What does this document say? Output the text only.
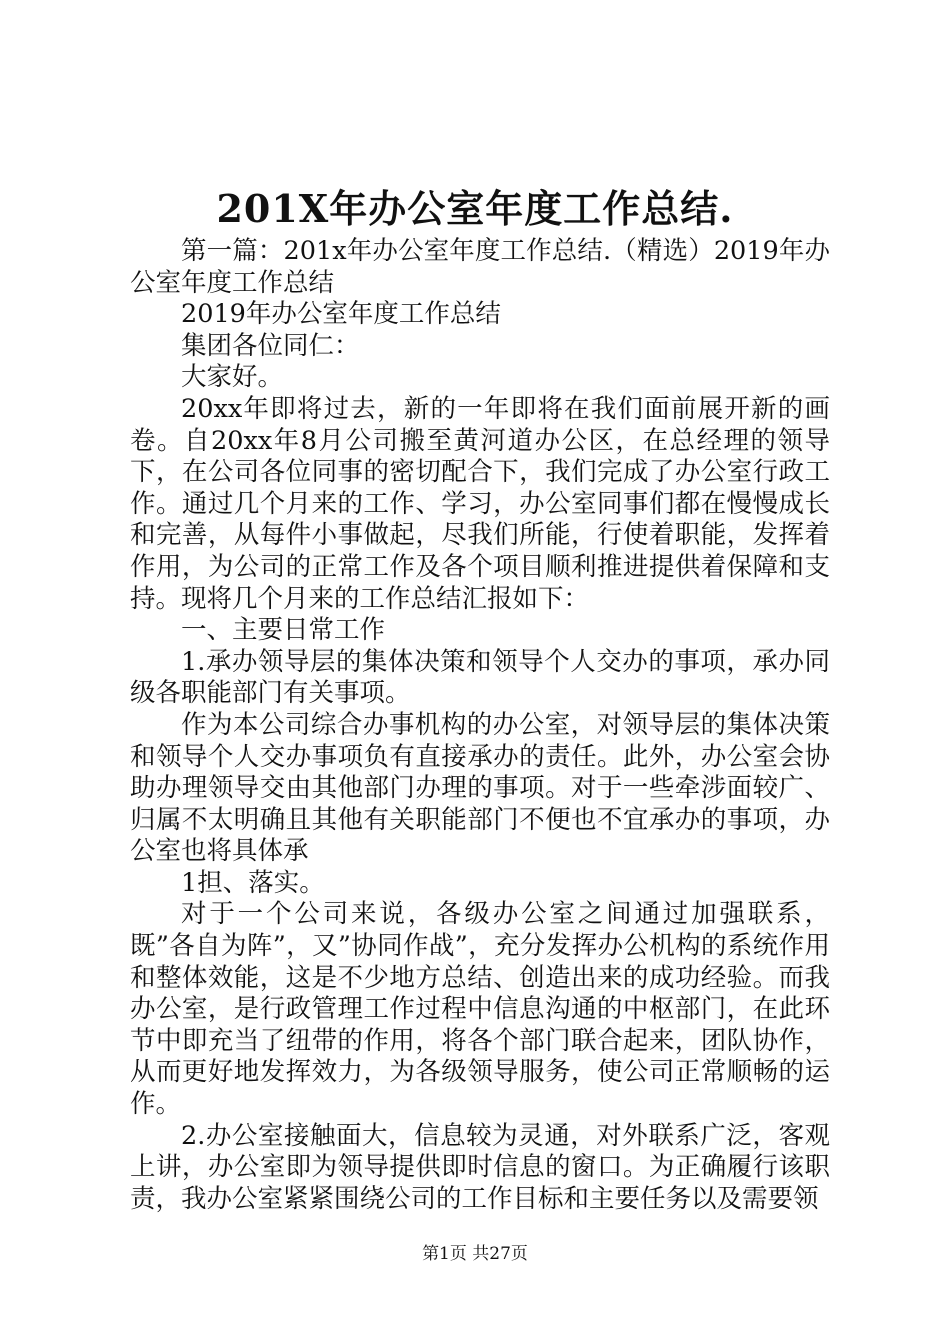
201X年办公室年度工作总结.

第一篇：201x年办公室年度工作总结.（精选）2019年办公室年度工作总结

2019年办公室年度工作总结

集团各位同仁：

大家好。

20xx年即将过去，新的一年即将在我们面前展开新的画卷。自20xx年8月公司搬至黄河道办公区，在总经理的领导下，在公司各位同事的密切配合下，我们完成了办公室行政工作。通过几个月来的工作、学习，办公室同事们都在慢慢成长和完善，从每件小事做起，尽我们所能，行使着职能，发挥着作用，为公司的正常工作及各个项目顺利推进提供着保障和支持。现将几个月来的工作总结汇报如下：

一、主要日常工作

1.承办领导层的集体决策和领导个人交办的事项，承办同级各职能部门有关事项。

作为本公司综合办事机构的办公室，对领导层的集体决策和领导个人交办事项负有直接承办的责任。此外，办公室会协助办理领导交由其他部门办理的事项。对于一些牵涉面较广、归属不太明确且其他有关职能部门不便也不宜承办的事项，办公室也将具体承

1担、落实。

对于一个公司来说，各级办公室之间通过加强联系，既”各自为阵”，又”协同作战”，充分发挥办公机构的系统作用和整体效能，这是不少地方总结、创造出来的成功经验。而我办公室，是行政管理工作过程中信息沟通的中枢部门，在此环节中即充当了纽带的作用，将各个部门联合起来，团队协作，从而更好地发挥效力，为各级领导服务，使公司正常顺畅的运作。

2.办公室接触面大，信息较为灵通，对外联系广泛，客观上讲，办公室即为领导提供即时信息的窗口。为正确履行该职责，我办公室紧紧围绕公司的工作目标和主要任务以及需要领

第1页 共27页
